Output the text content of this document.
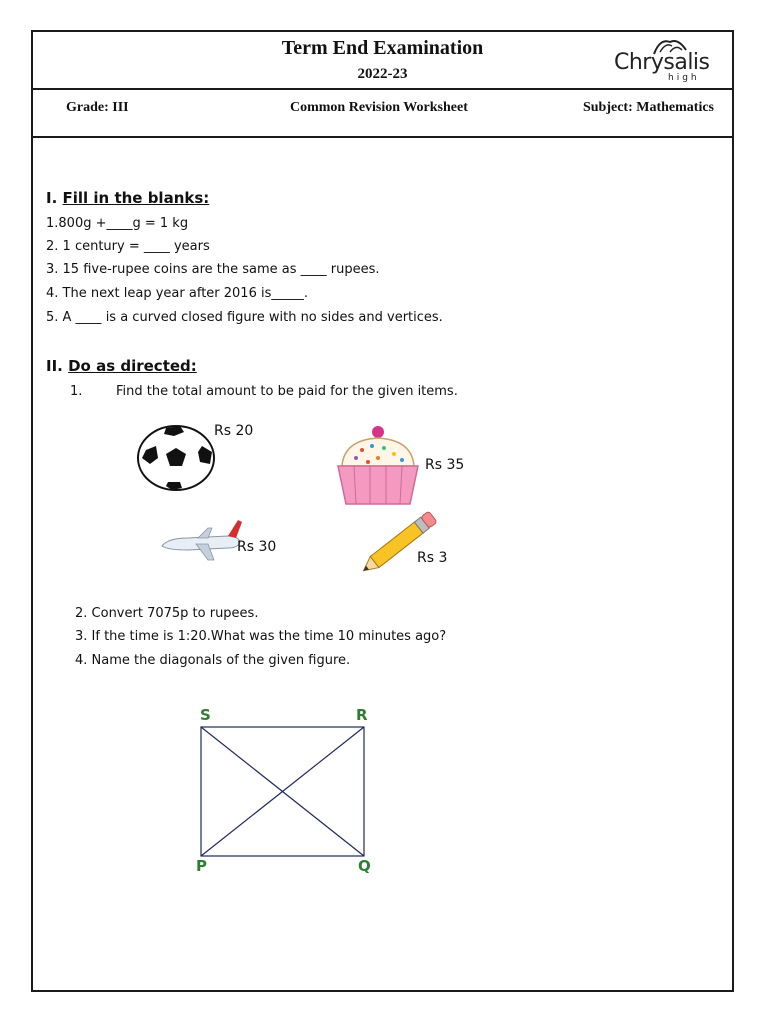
Term End Examination
2022-23	Chrysalis
high
Grade: III	Common Revision Worksheet	Subject: Mathematics
I. Fill in the blanks:
1.800g +____g = 1 kg
2. 1 century = ____ years
3. 15 five-rupee coins are the same as ____ rupees.
4. The next leap year after 2016 is_____.
5. A ____ is a curved closed figure with no sides and vertices.
II. Do as directed:
1.	Find the total amount to be paid for the given items.
Rs 20
Rs 35
Rs 30
Rs 3
2. Convert 7075p to rupees.
3. If the time is 1:20.What was the time 10 minutes ago?
4. Name the diagonals of the given figure.
S	R
P	Q
